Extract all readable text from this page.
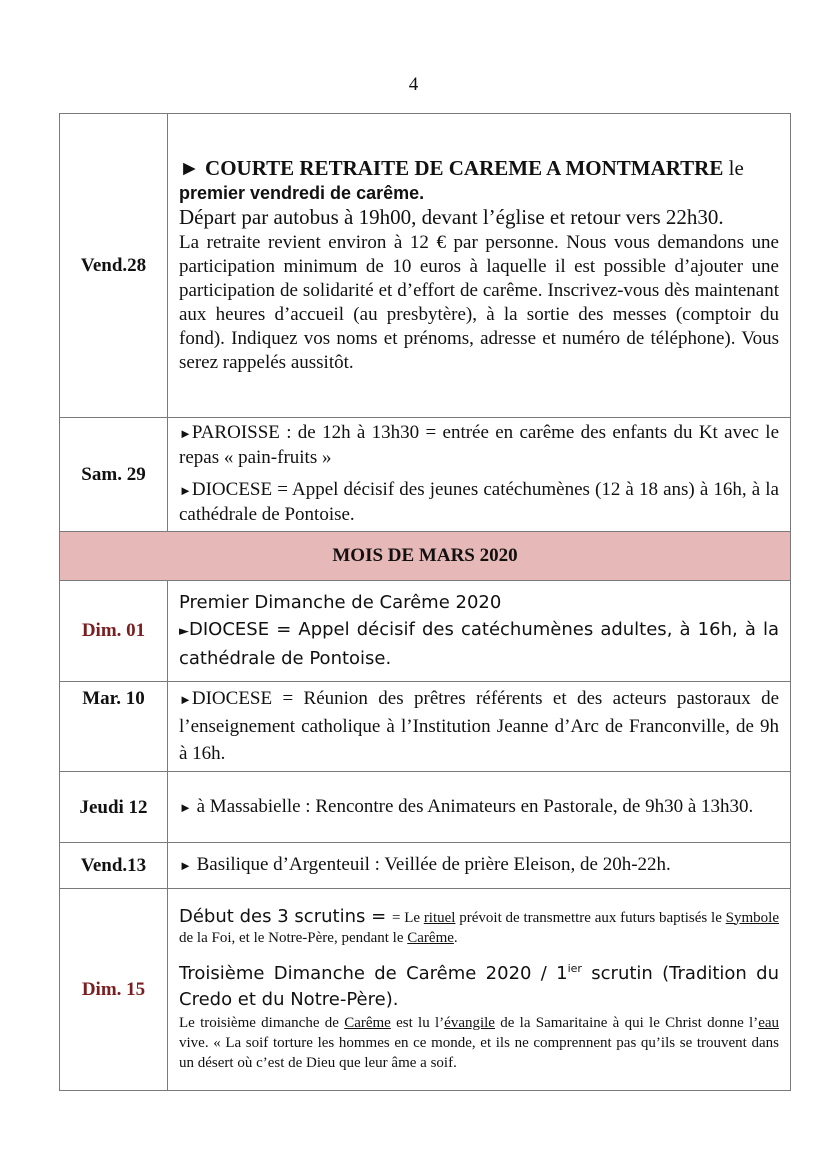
4
Vend.28	► COURTE RETRAITE DE CAREME A MONTMARTRE le premier vendredi de carême.

Départ par autobus à 19h00, devant l’église et retour vers 22h30.

La retraite revient environ à 12 € par personne. Nous vous demandons une participation minimum de 10 euros à laquelle il est possible d’ajouter une participation de solidarité et d’effort de carême. Inscrivez-vous dès maintenant aux heures d’accueil (au presbytère), à la sortie des messes (comptoir du fond). Indiquez vos noms et prénoms, adresse et numéro de téléphone). Vous serez rappelés aussitôt.

Sam. 29	►PAROISSE : de 12h à 13h30 = entrée en carême des enfants du Kt avec le repas « pain-fruits »

►DIOCESE = Appel décisif des jeunes catéchumènes (12 à 18 ans) à 16h, à la cathédrale de Pontoise.

MOIS DE MARS 2020	
Dim. 01	Premier Dimanche de Carême 2020

►DIOCESE = Appel décisif des catéchumènes adultes, à 16h, à la cathédrale de Pontoise.

Mar. 10	►DIOCESE = Réunion des prêtres référents et des acteurs pastoraux de l’enseignement catholique à l’Institution Jeanne d’Arc de Franconville, de 9h à 16h.

Jeudi 12	► à Massabielle : Rencontre des Animateurs en Pastorale, de 9h30 à 13h30.

Vend.13	► Basilique d’Argenteuil : Veillée de prière Eleison, de 20h-22h.

Dim. 15	Début des 3 scrutins = = Le rituel prévoit de transmettre aux futurs baptisés le Symbole de la Foi, et le Notre-Père, pendant le Carême.

Troisième Dimanche de Carême $2020 / 1^{ier}$ scrutin (Tradition du Credo et du Notre-Père).

Le troisième dimanche de Carême est lu l’évangile de la Samaritaine à qui le Christ donne l’eau vive. « La soif torture les hommes en ce monde, et ils ne comprennent pas qu’ils se trouvent dans un désert où c’est de Dieu que leur âme a soif.
